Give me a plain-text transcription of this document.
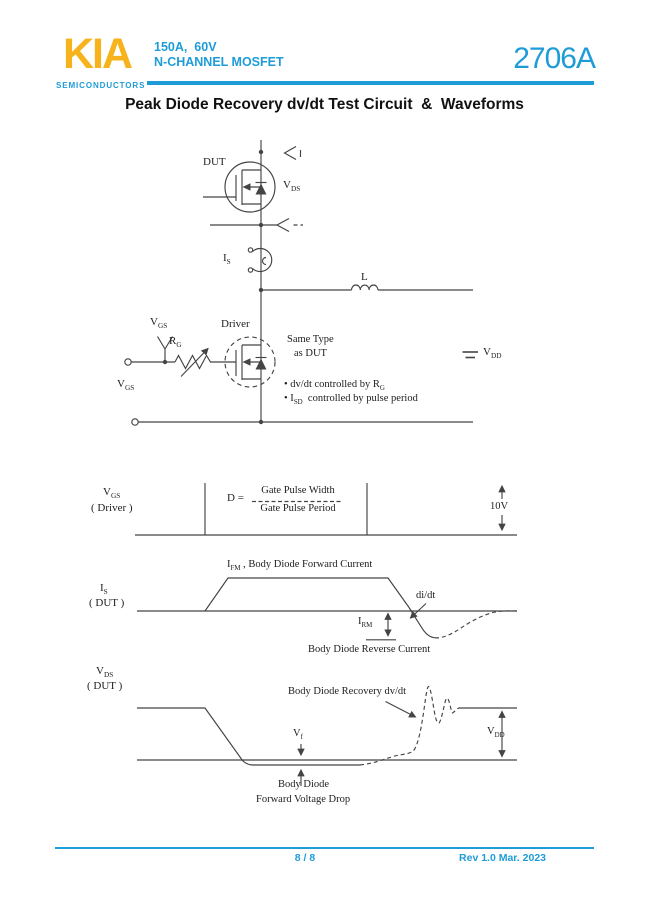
KIA
SEMICONDUCTORS
150A,  60V
N-CHANNEL MOSFET	2706A
Peak Diode Recovery dv/dt Test Circuit  &  Waveforms
DUT
$V_{DS}$
$I_S$
L
Driver
Same Type
as DUT
$V_{GS}$
$R_G$
$V_{GS}$
$V_{DD}$
• dv/dt controlled by $R_G$
• $I_{SD}$  controlled by pulse period
$V_{GS}$
( Driver )
D =
Gate Pulse Width
Gate Pulse Period	10V
$I_S$
( DUT )
$I_{FM}$ , Body Diode Forward Current
di/dt
$I_{RM}$
Body Diode Reverse Current
$V_{DS}$
( DUT )	Body Diode Recovery dv/dt
$V_f$
$V_{DD}$
Body Diode
Forward Voltage Drop
8 / 8	Rev 1.0 Mar. 2023
